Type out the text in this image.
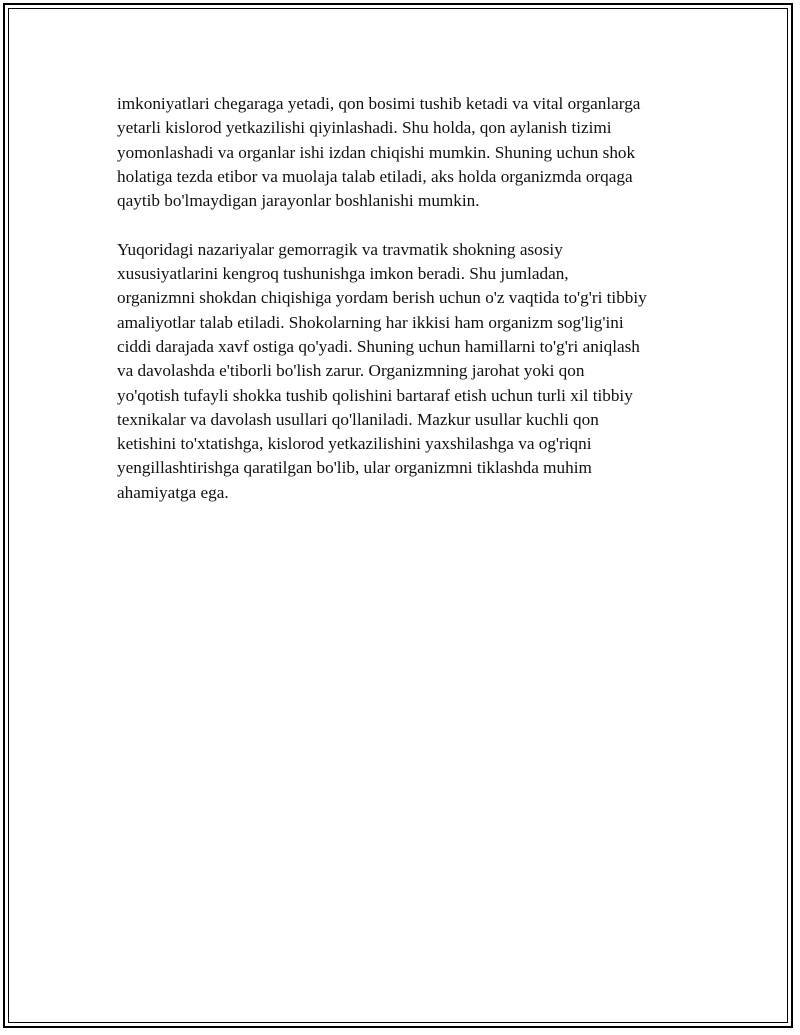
imkoniyatlari chegaraga yetadi, qon bosimi tushib ketadi va vital organlarga
yetarli kislorod yetkazilishi qiyinlashadi. Shu holda, qon aylanish tizimi
yomonlashadi va organlar ishi izdan chiqishi mumkin. Shuning uchun shok
holatiga tezda etibor va muolaja talab etiladi, aks holda organizmda orqaga
qaytib bo'lmaydigan jarayonlar boshlanishi mumkin.

Yuqoridagi nazariyalar gemorragik va travmatik shokning asosiy
xususiyatlarini kengroq tushunishga imkon beradi. Shu jumladan,
organizmni shokdan chiqishiga yordam berish uchun o'z vaqtida to'g'ri tibbiy
amaliyotlar talab etiladi. Shokolarning har ikkisi ham organizm sog'lig'ini
ciddi darajada xavf ostiga qo'yadi. Shuning uchun hamillarni to'g'ri aniqlash
va davolashda e'tiborli bo'lish zarur. Organizmning jarohat yoki qon
yo'qotish tufayli shokka tushib qolishini bartaraf etish uchun turli xil tibbiy
texnikalar va davolash usullari qo'llaniladi. Mazkur usullar kuchli qon
ketishini to'xtatishga, kislorod yetkazilishini yaxshilashga va og'riqni
yengillashtirishga qaratilgan bo'lib, ular organizmni tiklashda muhim
ahamiyatga ega.
